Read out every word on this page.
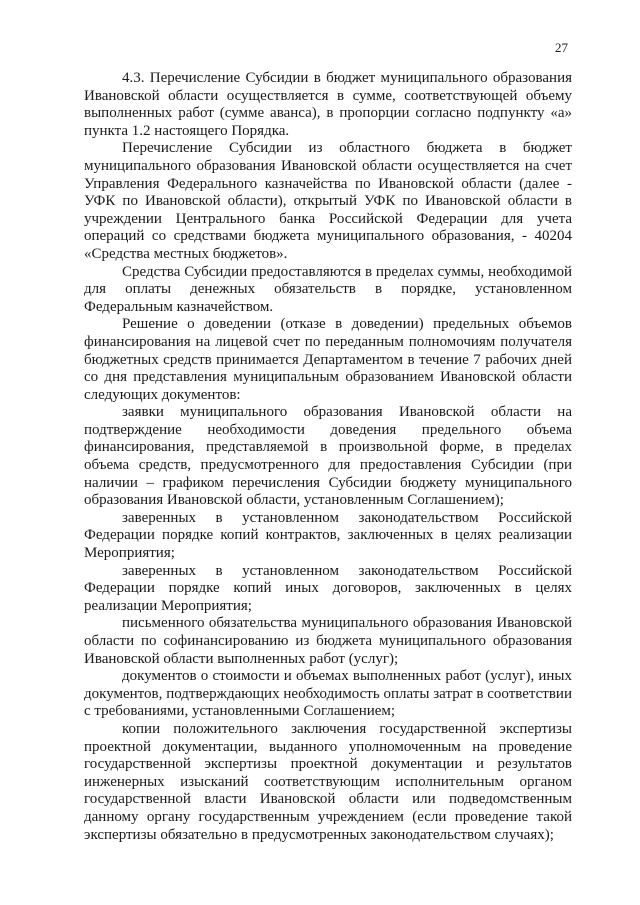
27

4.3. Перечисление Субсидии в бюджет муниципального образования Ивановской области осуществляется в сумме, соответствующей объему выполненных работ (сумме аванса), в пропорции согласно подпункту «а» пункта 1.2 настоящего Порядка.

Перечисление Субсидии из областного бюджета в бюджет муниципального образования Ивановской области осуществляется на счет Управления Федерального казначейства по Ивановской области (далее - УФК по Ивановской области), открытый УФК по Ивановской области в учреждении Центрального банка Российской Федерации для учета операций со средствами бюджета муниципального образования, - 40204 «Средства местных бюджетов».

Средства Субсидии предоставляются в пределах суммы, необходимой для оплаты денежных обязательств в порядке, установленном Федеральным казначейством.

Решение о доведении (отказе в доведении) предельных объемов финансирования на лицевой счет по переданным полномочиям получателя бюджетных средств принимается Департаментом в течение 7 рабочих дней со дня представления муниципальным образованием Ивановской области следующих документов:

заявки муниципального образования Ивановской области на подтверждение необходимости доведения предельного объема финансирования, представляемой в произвольной форме, в пределах объема средств, предусмотренного для предоставления Субсидии (при наличии – графиком перечисления Субсидии бюджету муниципального образования Ивановской области, установленным Соглашением);

заверенных в установленном законодательством Российской Федерации порядке копий контрактов, заключенных в целях реализации Мероприятия;

заверенных в установленном законодательством Российской Федерации порядке копий иных договоров, заключенных в целях реализации Мероприятия;

письменного обязательства муниципального образования Ивановской области по софинансированию из бюджета муниципального образования Ивановской области выполненных работ (услуг);

документов о стоимости и объемах выполненных работ (услуг), иных документов, подтверждающих необходимость оплаты затрат в соответствии с требованиями, установленными Соглашением;

копии положительного заключения государственной экспертизы проектной документации, выданного уполномоченным на проведение государственной экспертизы проектной документации и результатов инженерных изысканий соответствующим исполнительным органом государственной власти Ивановской области или подведомственным данному органу государственным учреждением (если проведение такой экспертизы обязательно в предусмотренных законодательством случаях);
